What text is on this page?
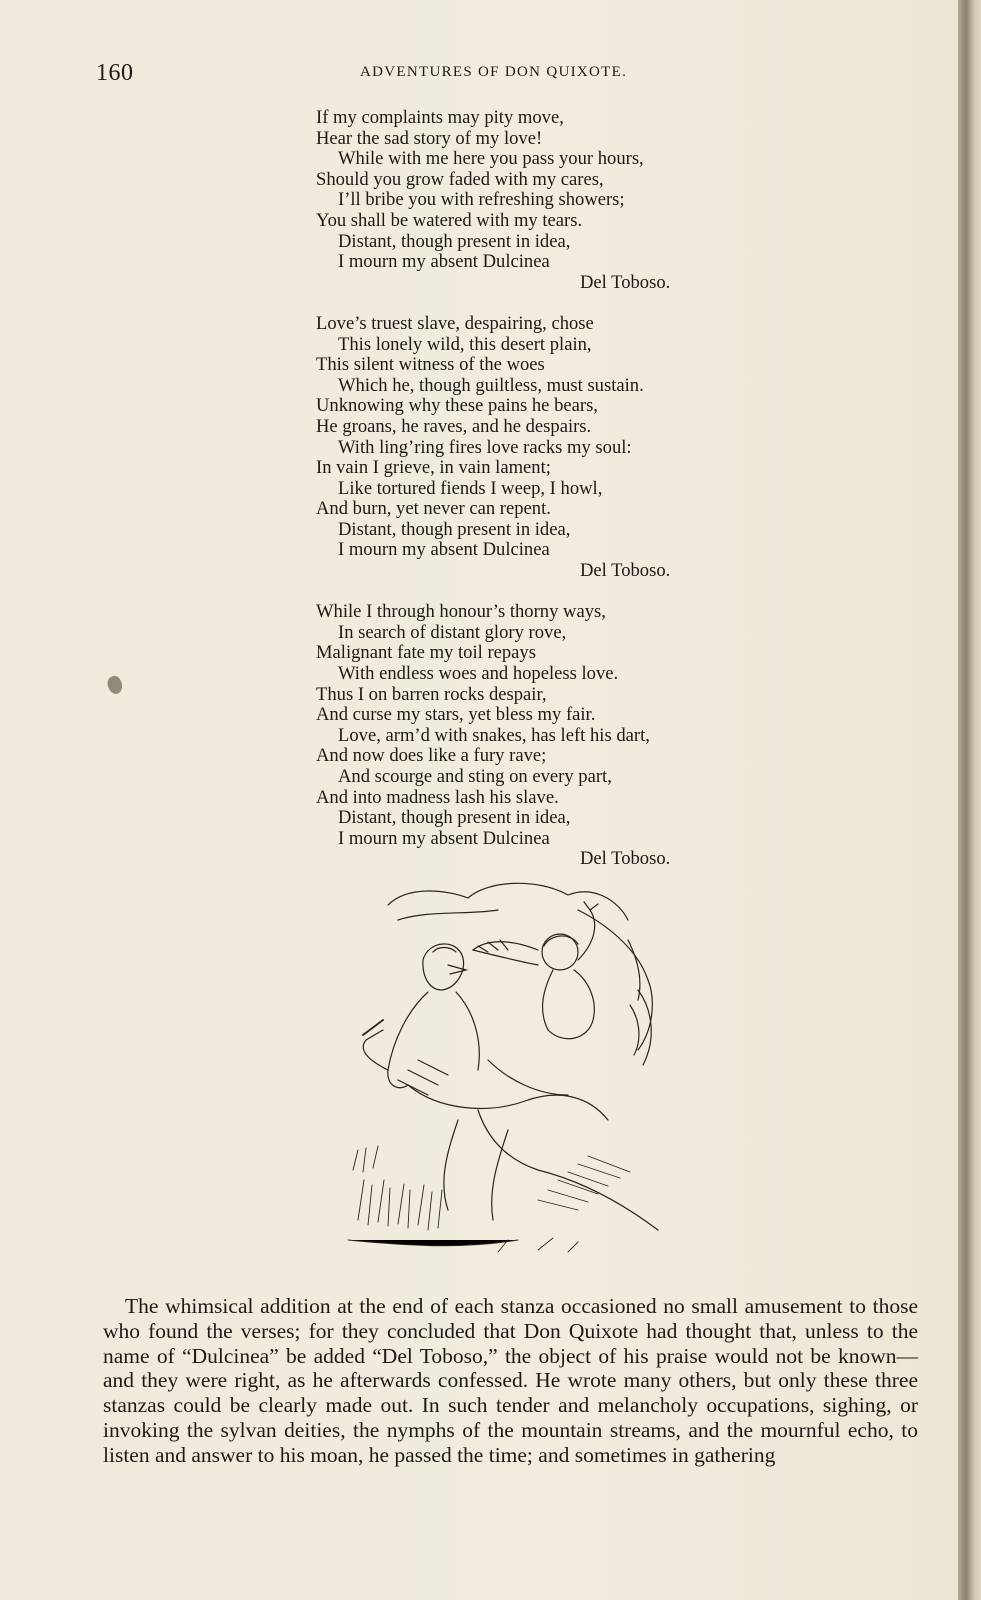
160	ADVENTURES OF DON QUIXOTE.
If my complaints may pity move,
Hear the sad story of my love!
While with me here you pass your hours,
Should you grow faded with my cares,
I’ll bribe you with refreshing showers;
You shall be watered with my tears.
Distant, though present in idea,
I mourn my absent Dulcinea
Del Toboso.
Love’s truest slave, despairing, chose
This lonely wild, this desert plain,
This silent witness of the woes
Which he, though guiltless, must sustain.
Unknowing why these pains he bears,
He groans, he raves, and he despairs.
With ling’ring fires love racks my soul:
In vain I grieve, in vain lament;
Like tortured fiends I weep, I howl,
And burn, yet never can repent.
Distant, though present in idea,
I mourn my absent Dulcinea
Del Toboso.
While I through honour’s thorny ways,
In search of distant glory rove,
Malignant fate my toil repays
With endless woes and hopeless love.
Thus I on barren rocks despair,
And curse my stars, yet bless my fair.
Love, arm’d with snakes, has left his dart,
And now does like a fury rave;
And scourge and sting on every part,
And into madness lash his slave.
Distant, though present in idea,
I mourn my absent Dulcinea
Del Toboso.
The whimsical addition at the end of each stanza occasioned no small amusement to those who found the verses; for they concluded that Don Quixote had thought that, unless to the name of “Dulcinea” be added “Del Toboso,” the object of his praise would not be known—and they were right, as he afterwards confessed. He wrote many others, but only these three stanzas could be clearly made out. In such tender and melancholy occupations, sighing, or invoking the sylvan deities, the nymphs of the mountain streams, and the mournful echo, to listen and answer to his moan, he passed the time; and sometimes in gathering
